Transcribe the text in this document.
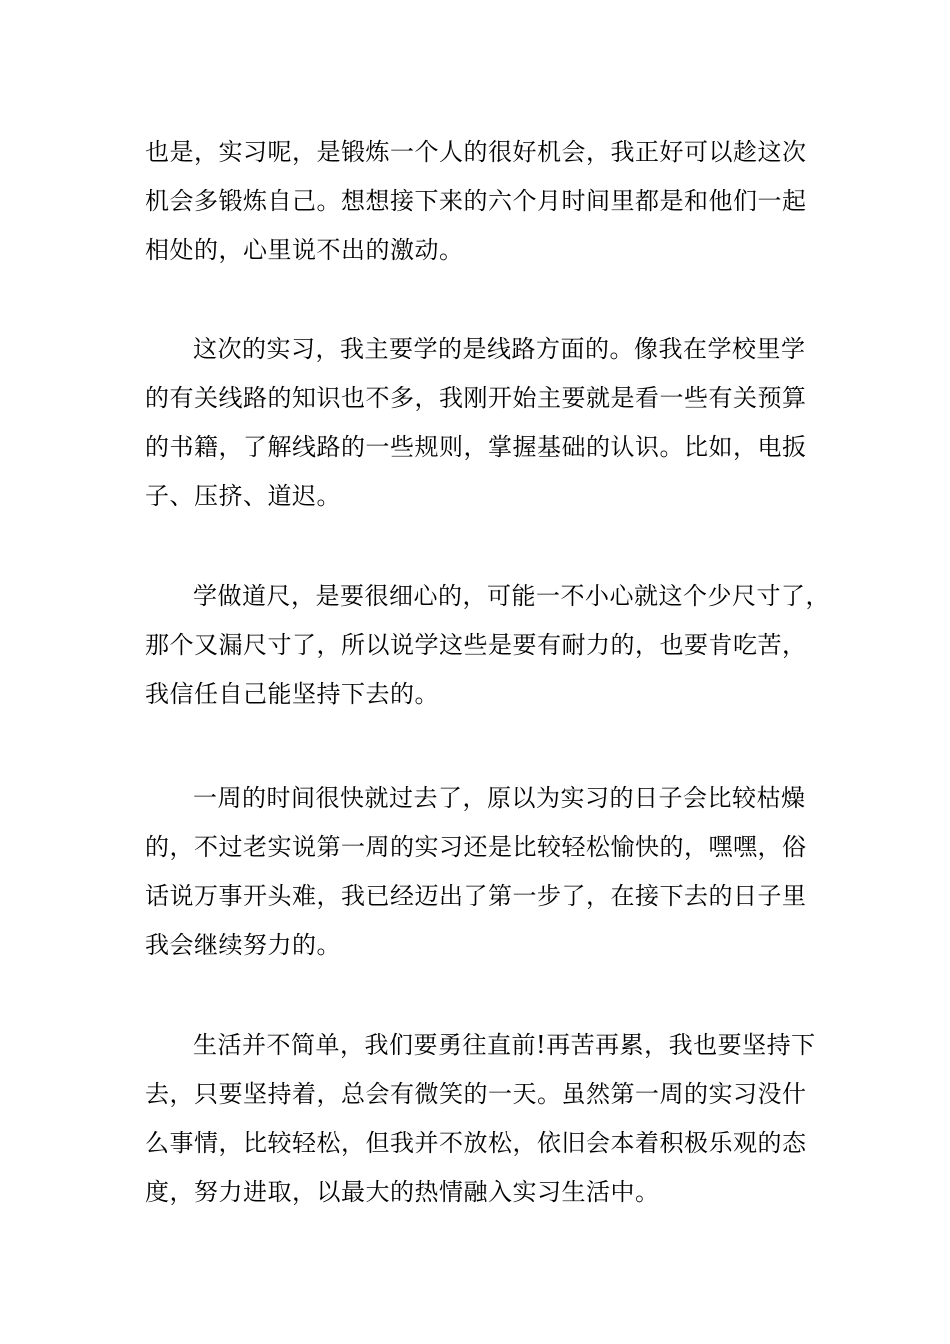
也是，实习呢，是锻炼一个人的很好机会，我正好可以趁这次
机会多锻炼自己。想想接下来的六个月时间里都是和他们一起
相处的，心里说不出的激动。
这次的实习，我主要学的是线路方面的。像我在学校里学
的有关线路的知识也不多，我刚开始主要就是看一些有关预算
的书籍，了解线路的一些规则，掌握基础的认识。比如，电扳
子、压挤、道迟。
学做道尺，是要很细心的，可能一不小心就这个少尺寸了，
那个又漏尺寸了，所以说学这些是要有耐力的，也要肯吃苦，
我信任自己能坚持下去的。
一周的时间很快就过去了，原以为实习的日子会比较枯燥
的，不过老实说第一周的实习还是比较轻松愉快的，嘿嘿，俗
话说万事开头难，我已经迈出了第一步了，在接下去的日子里
我会继续努力的。
生活并不简单，我们要勇往直前!再苦再累，我也要坚持下
去，只要坚持着，总会有微笑的一天。虽然第一周的实习没什
么事情，比较轻松，但我并不放松，依旧会本着积极乐观的态
度，努力进取，以最大的热情融入实习生活中。
